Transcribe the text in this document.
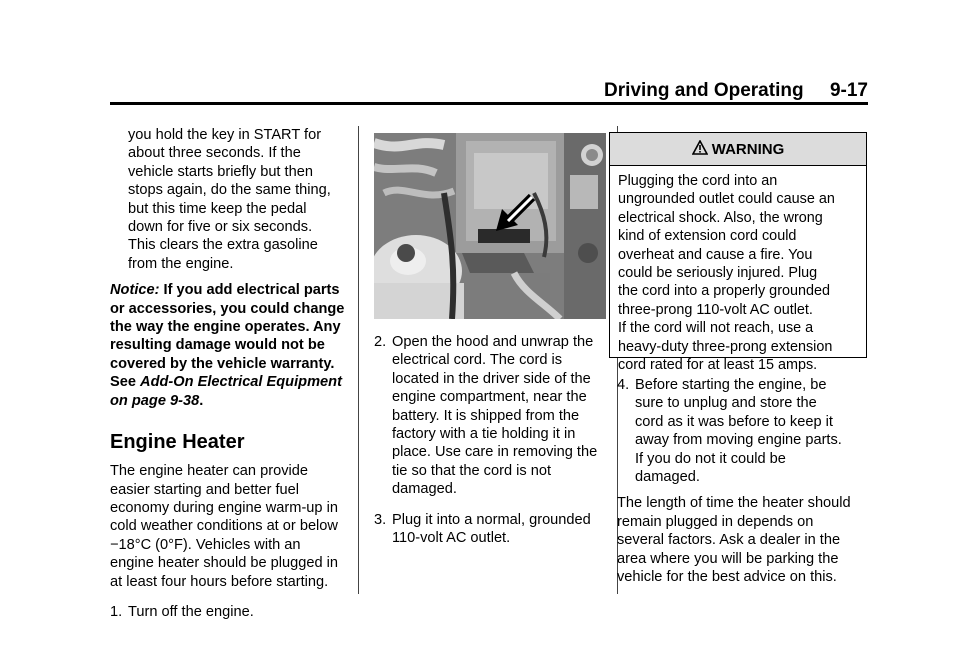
Driving and Operating     9-17
you hold the key in START for
about three seconds. If the
vehicle starts briefly but then
stops again, do the same thing,
but this time keep the pedal
down for five or six seconds.
This clears the extra gasoline
from the engine.
Notice: If you add electrical parts
or accessories, you could change
the way the engine operates. Any
resulting damage would not be
covered by the vehicle warranty.
See Add-On Electrical Equipment
on page 9-38.
Engine Heater
The engine heater can provide
easier starting and better fuel
economy during engine warm-up in
cold weather conditions at or below
−18°C (0°F). Vehicles with an
engine heater should be plugged in
at least four hours before starting.
1. Turn off the engine.
2. Open the hood and unwrap the
electrical cord. The cord is
located in the driver side of the
engine compartment, near the
battery. It is shipped from the
factory with a tie holding it in
place. Use care in removing the
tie so that the cord is not
damaged.
3. Plug it into a normal, grounded
110-volt AC outlet.
WARNING
Plugging the cord into an
ungrounded outlet could cause an
electrical shock. Also, the wrong
kind of extension cord could
overheat and cause a fire. You
could be seriously injured. Plug
the cord into a properly grounded
three-prong 110-volt AC outlet.
If the cord will not reach, use a
heavy-duty three-prong extension
cord rated for at least 15 amps.
4. Before starting the engine, be
sure to unplug and store the
cord as it was before to keep it
away from moving engine parts.
If you do not it could be
damaged.
The length of time the heater should
remain plugged in depends on
several factors. Ask a dealer in the
area where you will be parking the
vehicle for the best advice on this.
